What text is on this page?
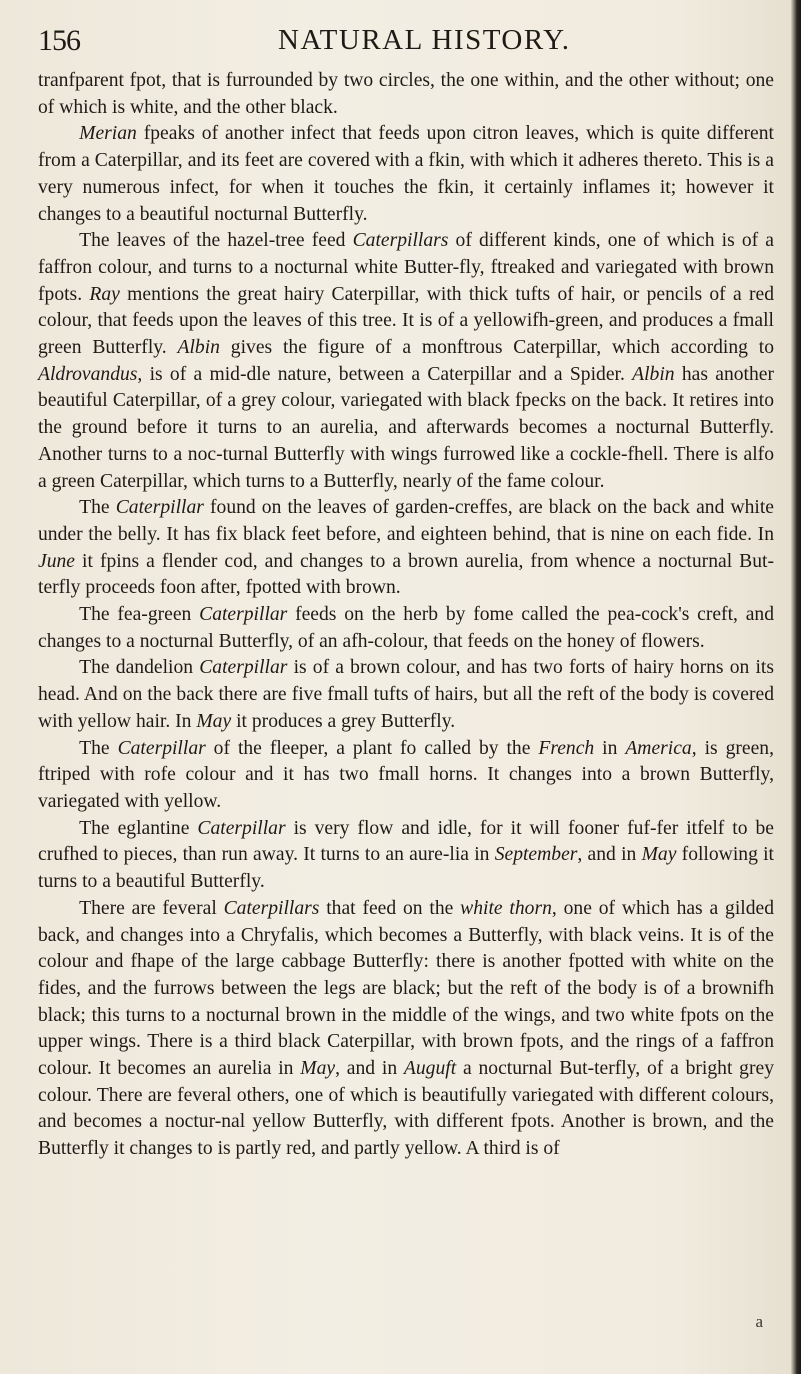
156	NATURAL HISTORY.

tranfparent fpot, that is furrounded by two circles, the one within, and the other without; one of which is white, and the other black.

Merian fpeaks of another infect that feeds upon citron leaves, which is quite different from a Caterpillar, and its feet are covered with a fkin, with which it adheres thereto. This is a very numerous infect, for when it touches the fkin, it certainly inflames it; however it changes to a beautiful nocturnal Butterfly.

The leaves of the hazel-tree feed Caterpillars of different kinds, one of which is of a faffron colour, and turns to a nocturnal white Butter-fly, ftreaked and variegated with brown fpots. Ray mentions the great hairy Caterpillar, with thick tufts of hair, or pencils of a red colour, that feeds upon the leaves of this tree. It is of a yellowifh-green, and produces a fmall green Butterfly. Albin gives the figure of a monftrous Caterpillar, which according to Aldrovandus, is of a mid-dle nature, between a Caterpillar and a Spider. Albin has another beautiful Caterpillar, of a grey colour, variegated with black fpecks on the back. It retires into the ground before it turns to an aurelia, and afterwards becomes a nocturnal Butterfly. Another turns to a noc-turnal Butterfly with wings furrowed like a cockle-fhell. There is alfo a green Caterpillar, which turns to a Butterfly, nearly of the fame colour.

The Caterpillar found on the leaves of garden-creffes, are black on the back and white under the belly. It has fix black feet before, and eighteen behind, that is nine on each fide. In June it fpins a flender cod, and changes to a brown aurelia, from whence a nocturnal But-terfly proceeds foon after, fpotted with brown.

The fea-green Caterpillar feeds on the herb by fome called the pea-cock's creft, and changes to a nocturnal Butterfly, of an afh-colour, that feeds on the honey of flowers.

The dandelion Caterpillar is of a brown colour, and has two forts of hairy horns on its head. And on the back there are five fmall tufts of hairs, but all the reft of the body is covered with yellow hair. In May it produces a grey Butterfly.

The Caterpillar of the fleeper, a plant fo called by the French in America, is green, ftriped with rofe colour and it has two fmall horns. It changes into a brown Butterfly, variegated with yellow.

The eglantine Caterpillar is very flow and idle, for it will fooner fuf-fer itfelf to be crufhed to pieces, than run away. It turns to an aure-lia in September, and in May following it turns to a beautiful Butterfly.

There are feveral Caterpillars that feed on the white thorn, one of which has a gilded back, and changes into a Chryfalis, which becomes a Butterfly, with black veins. It is of the colour and fhape of the large cabbage Butterfly: there is another fpotted with white on the fides, and the furrows between the legs are black; but the reft of the body is of a brownifh black; this turns to a nocturnal brown in the middle of the wings, and two white fpots on the upper wings. There is a third black Caterpillar, with brown fpots, and the rings of a faffron colour. It becomes an aurelia in May, and in Auguft a nocturnal But-terfly, of a bright grey colour. There are feveral others, one of which is beautifully variegated with different colours, and becomes a noctur-nal yellow Butterfly, with different fpots. Another is brown, and the Butterfly it changes to is partly red, and partly yellow. A third is of

a
